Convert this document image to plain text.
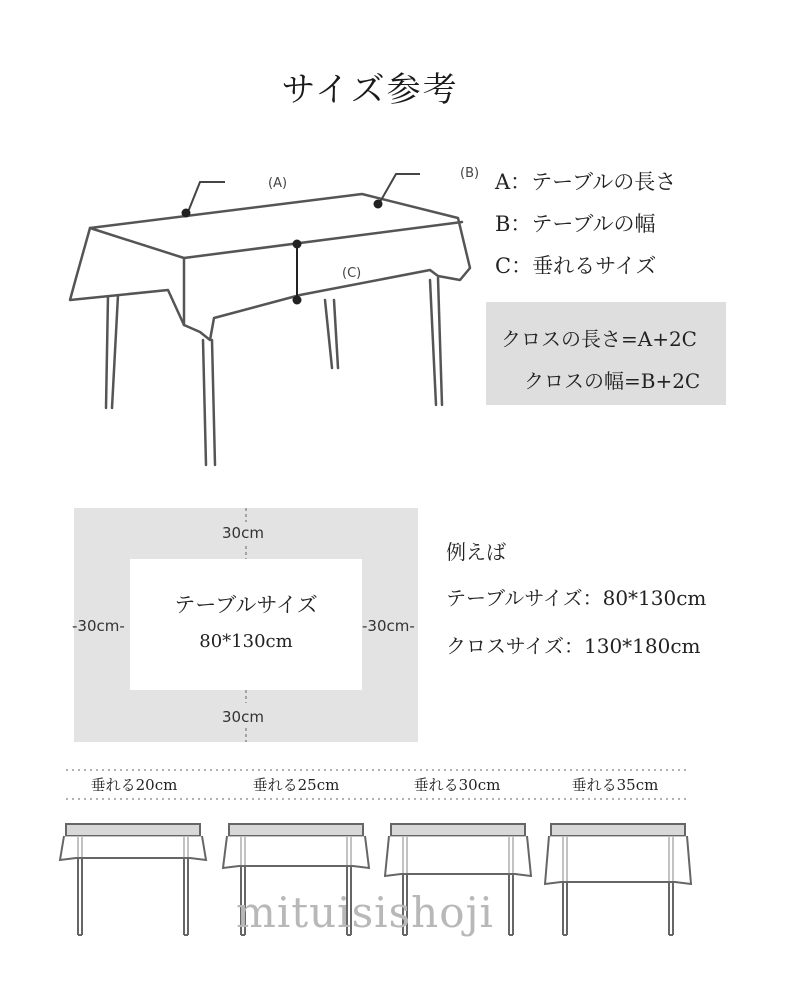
サイズ参考
(A)
(B)
(C)
A：テーブルの長さ
B：テーブルの幅
C：垂れるサイズ
クロスの長さ=A+2C
クロスの幅=B+2C
30cm
30cm
-30cm-	-30cm-
テーブルサイズ
80*130cm
例えば
テーブルサイズ：80*130cm
クロスサイズ：130*180cm
垂れる20cm	垂れる25cm	垂れる30cm	垂れる35cm
mituisishoji
